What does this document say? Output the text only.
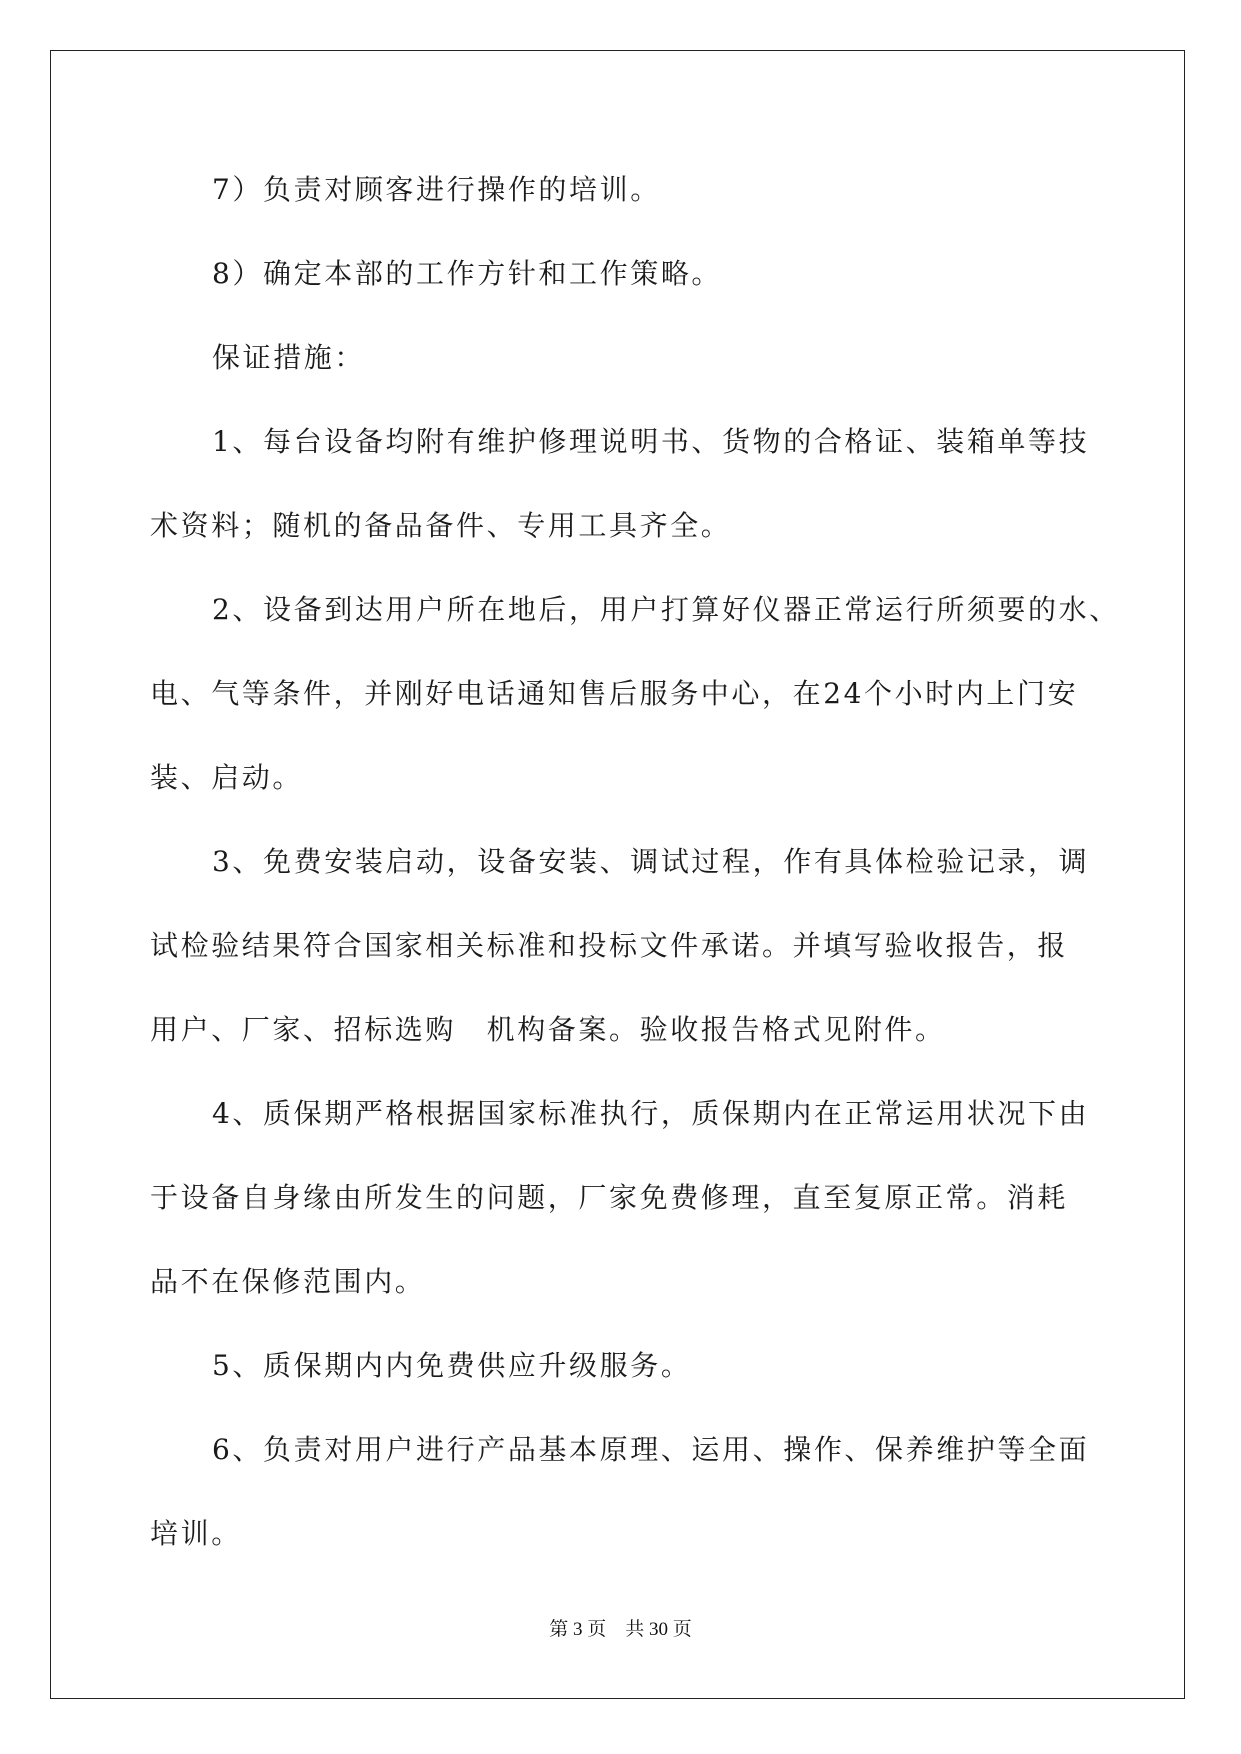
7）负责对顾客进行操作的培训。
8）确定本部的工作方针和工作策略。
保证措施：
1、每台设备均附有维护修理说明书、货物的合格证、装箱单等技
术资料；随机的备品备件、专用工具齐全。
2、设备到达用户所在地后，用户打算好仪器正常运行所须要的水、
电、气等条件，并刚好电话通知售后服务中心，在24个小时内上门安
装、启动。
3、免费安装启动，设备安装、调试过程，作有具体检验记录，调
试检验结果符合国家相关标准和投标文件承诺。并填写验收报告，报
用户、厂家、招标选购　机构备案。验收报告格式见附件。
4、质保期严格根据国家标准执行，质保期内在正常运用状况下由
于设备自身缘由所发生的问题，厂家免费修理，直至复原正常。消耗
品不在保修范围内。
5、质保期内内免费供应升级服务。
6、负责对用户进行产品基本原理、运用、操作、保养维护等全面
培训。
第 3 页　共 30 页
